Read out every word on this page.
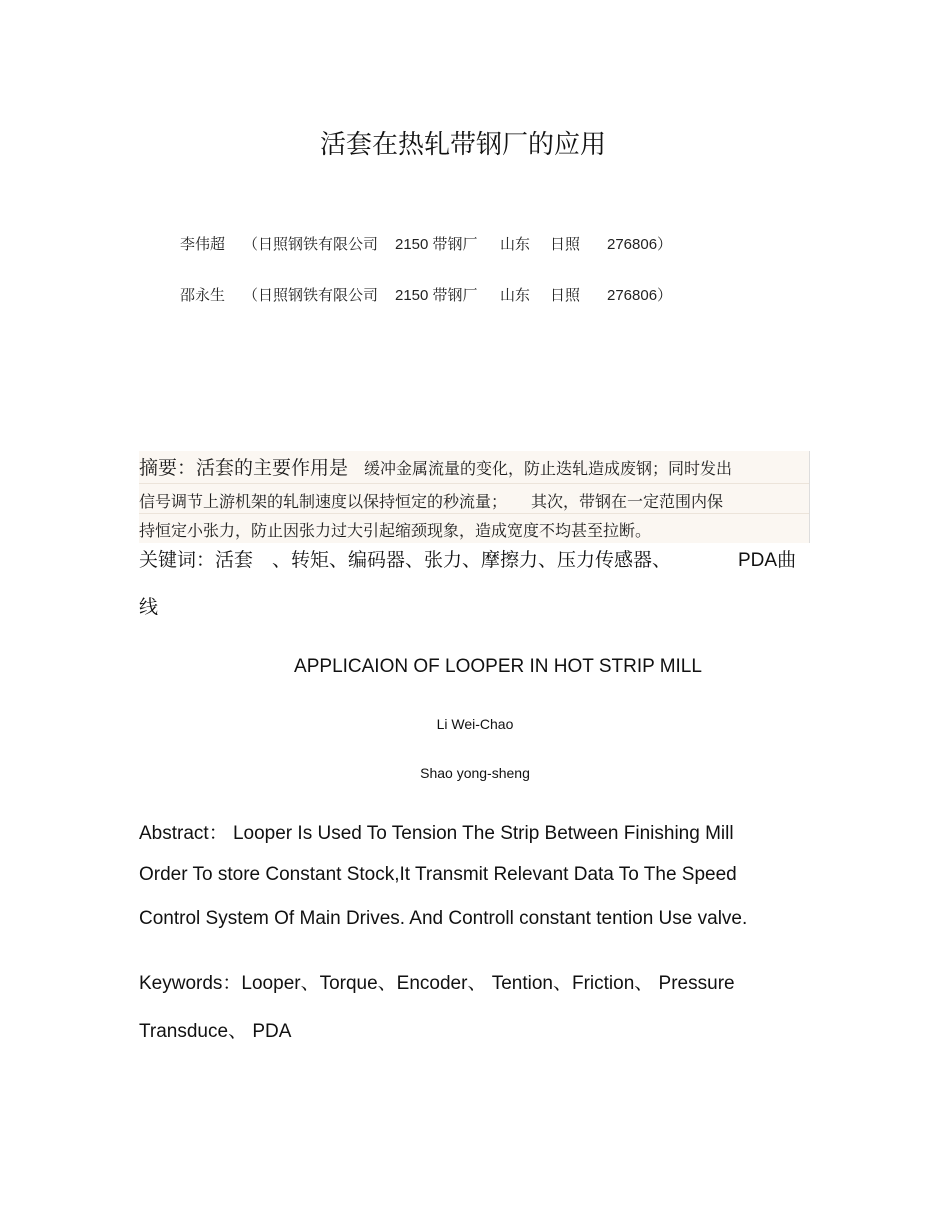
活套在热轧带钢厂的应用
李伟超 （日照钢铁有限公司 2150 带钢厂 山东 日照 276806）
邵永生 （日照钢铁有限公司 2150 带钢厂 山东 日照 276806）
摘要：活套的主要作用是 缓冲金属流量的变化，防止迭轧造成废钢；同时发出
信号调节上游机架的轧制速度以保持恒定的秒流量；　　其次，带钢在一定范围内保
持恒定小张力，防止因张力过大引起缩颈现象，造成宽度不均甚至拉断。
关键词：活套　、转矩、编码器、张力、摩擦力、压力传感器、	PDA曲
线
APPLICAION OF LOOPER IN HOT STRIP MILL
Li Wei-Chao
Shao yong-sheng
Abstract： Looper Is Used To Tension The Strip Between Finishing Mill
Order To store Constant Stock,It Transmit Relevant Data To The Speed
Control System Of Main Drives. And Controll constant tention Use valve.
Keywords：Looper、Torque、Encoder、 Tention、Friction、 Pressure
Transduce、 PDA
